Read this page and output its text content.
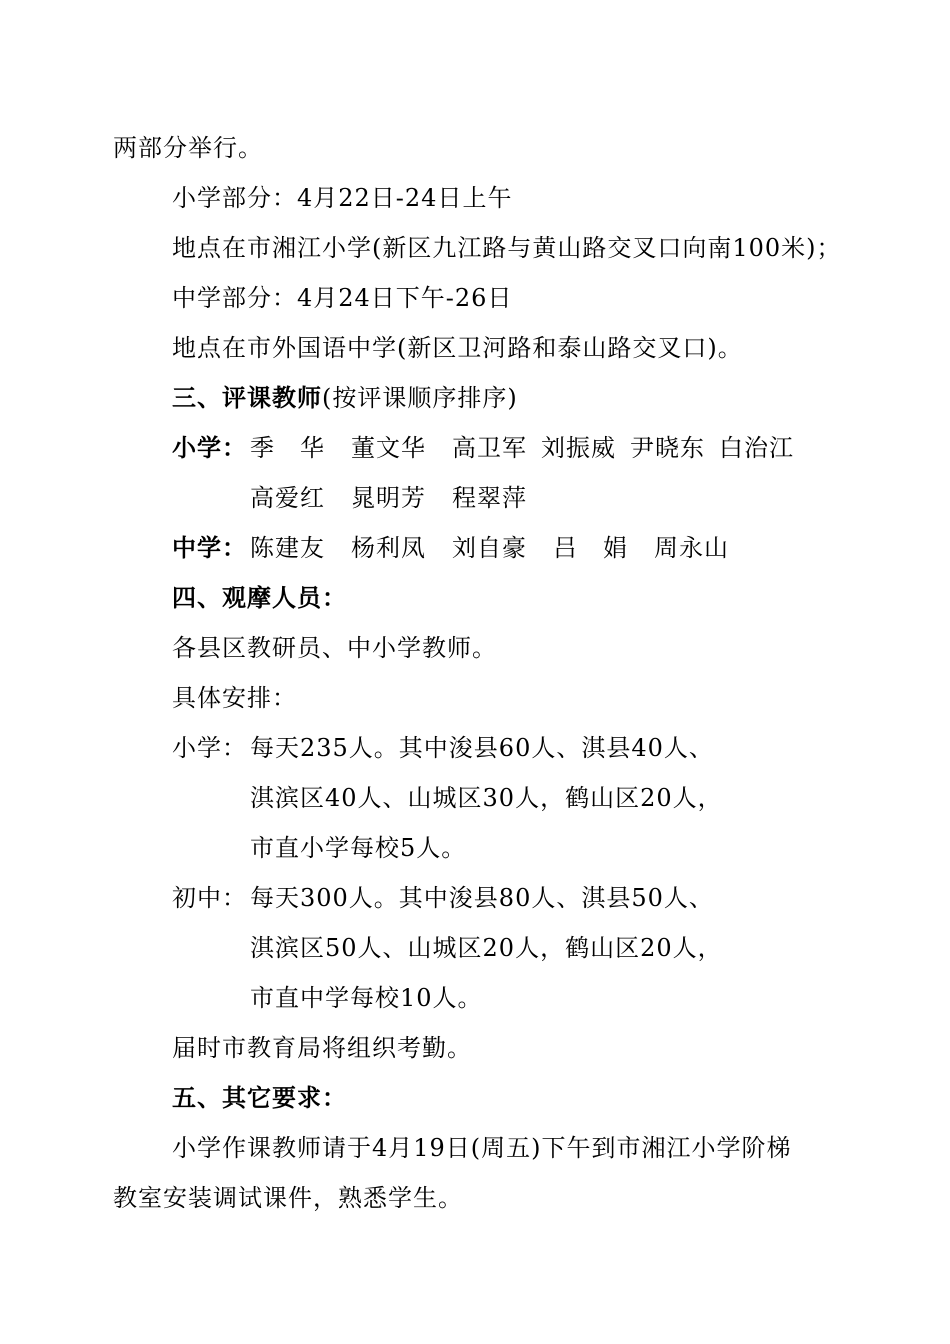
两部分举行。
小学部分：4月22日-24日上午
地点在市湘江小学(新区九江路与黄山路交叉口向南100米)；
中学部分：4月24日下午-26日
地点在市外国语中学(新区卫河路和泰山路交叉口)。
三、评课教师(按评课顺序排序)
小学： 季　华 董文华 高卫军 刘振威 尹晓东 白治江
高爱红 晁明芳 程翠萍
中学： 陈建友 杨利凤 刘自豪 吕　娟 周永山
四、观摩人员：
各县区教研员、中小学教师。
具体安排：
小学： 每天235人。其中浚县60人、淇县40人、
淇滨区40人、山城区30人，鹤山区20人，
市直小学每校5人。
初中： 每天300人。其中浚县80人、淇县50人、
淇滨区50人、山城区20人，鹤山区20人，
市直中学每校10人。
届时市教育局将组织考勤。
五、其它要求：
小学作课教师请于4月19日(周五)下午到市湘江小学阶梯
教室安装调试课件，熟悉学生。
